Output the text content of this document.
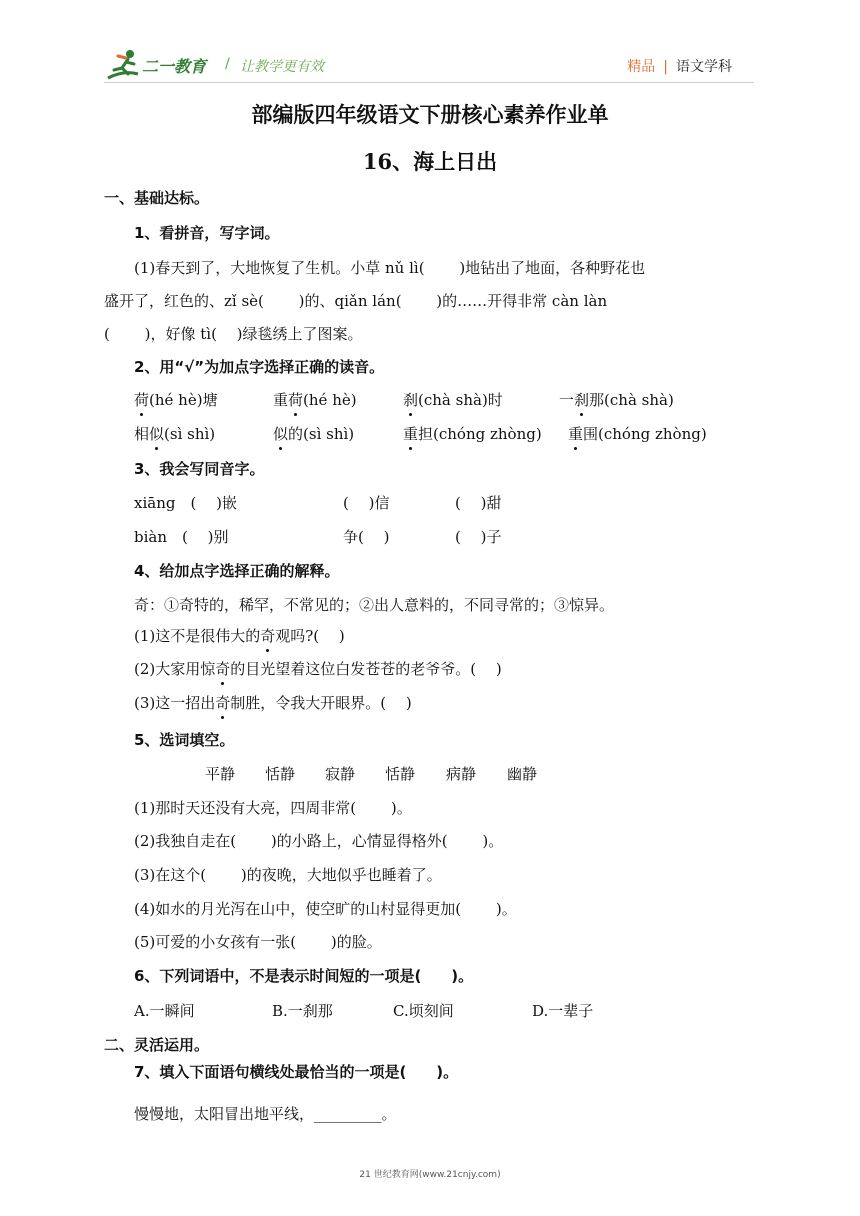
二一教育 / 让教学更有效	精品 | 语文学科
部编版四年级语文下册核心素养作业单
16、海上日出
一、基础达标。
1、看拼音，写字词。
(1)春天到了，大地恢复了生机。小草 nǔ lì(　　 )地钻出了地面，各种野花也
盛开了，红色的、zǐ sè(　　 )的、qiǎn lán(　　 )的……开得非常 càn làn
(　　 )，好像 tì(　 )绿毯绣上了图案。
2、用“√”为加点字选择正确的读音。
荷(hé hè)塘	重荷(hé hè)	刹(chà shà)时	一刹那(chà shà)
相似(sì shì)	似的(sì shì)	重担(chóng zhòng) 重围(chóng zhòng)
3、我会写同音字。
xiāng　(　 )嵌	(　 )信	(　 )甜
biàn　(　 )别	争(　 )	(　 )子
4、给加点字选择正确的解释。
奇：①奇特的，稀罕，不常见的；②出人意料的，不同寻常的；③惊异。
(1)这不是很伟大的奇观吗?(　 )
(2)大家用惊奇的目光望着这位白发苍苍的老爷爷。(　 )
(3)这一招出奇制胜，令我大开眼界。(　 )
5、选词填空。
平静 恬静 寂静 恬静 病静 幽静
(1)那时天还没有大亮，四周非常(　　 )。
(2)我独自走在(　　 )的小路上，心情显得格外(　　 )。
(3)在这个(　　 )的夜晚，大地似乎也睡着了。
(4)如水的月光泻在山中，使空旷的山村显得更加(　　 )。
(5)可爱的小女孩有一张(　　 )的脸。
6、下列词语中，不是表示时间短的一项是(　　)。
A.一瞬间	B.一刹那	C.顷刻间	D.一辈子
二、灵活运用。
7、填入下面语句横线处最恰当的一项是(　　)。
慢慢地，太阳冒出地平线，_________。
21 世纪教育网(www.21cnjy.com)
